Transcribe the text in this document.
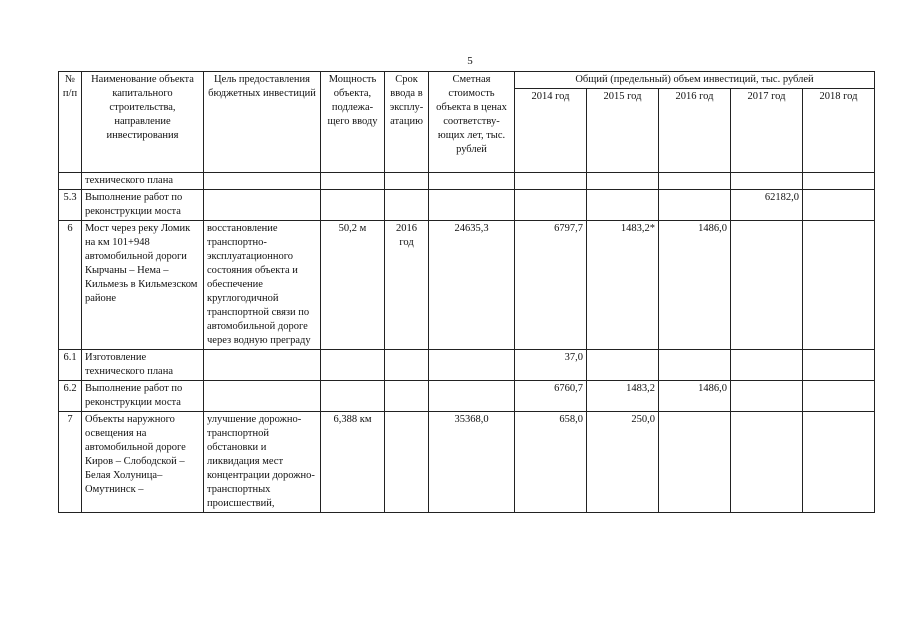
5
№ п/п	Наименование объекта капитального строительства, направление инвестирования	Цель предоставления бюджетных инвестиций	Мощность объекта, подлежа- щего вводу	Срок ввода в эксплу- атацию	Сметная стоимость объекта в ценах соответству- ющих лет, тыс. рублей	Общий (предельный) объем инвестиций, тыс. рублей				
						2014 год	2015 год	2016 год	2017 год	2018 год
	технического плана									
5.3	Выполнение работ по реконструкции моста								62182,0	
6	Мост через реку Ломик на км 101+948 автомобильной дороги Кырчаны – Нема – Кильмезь в Кильмезском районе	восстановление транспортно-эксплуатационного состояния объекта и обеспечение круглогодичной транспортной связи по автомобильной дороге через водную преграду	50,2 м	2016 год	24635,3	6797,7	1483,2*	1486,0		
6.1	Изготовление технического плана					37,0				
6.2	Выполнение работ по реконструкции моста					6760,7	1483,2	1486,0		
7	Объекты наружного освещения на автомобильной дороге Киров – Слободской – Белая Холуница– Омутнинск –	улучшение дорожно-транспортной обстановки и ликвидация мест концентрации дорожно-транспортных происшествий,	6,388 км		35368,0	658,0	250,0			
